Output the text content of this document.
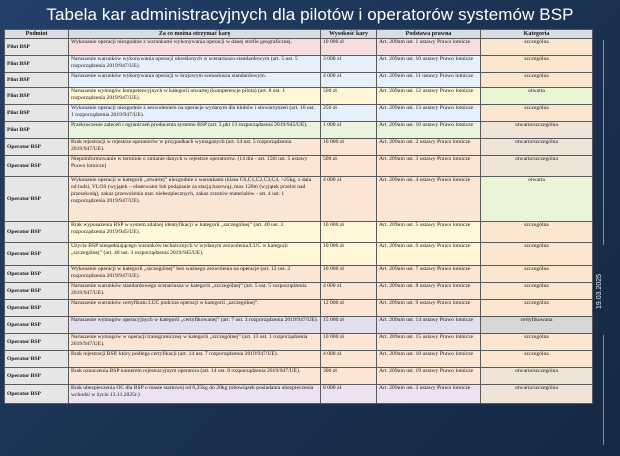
Tabela kar administracyjnych dla pilotów i operatorów systemów BSP
19.03.2025
Podmiot	Za co można otrzymać karę	Wysokość kary	Podstawa prawna	Kategoria
Pilot BSP	Wykonanie operacji niezgodnie z warunkami wykonywania operacji w danej strefie geograficznej.	10 000 zł	Art. 209um ust. 1 ustawy Prawo lotnicze	szczególna
Pilot BSP	Naruszenie warunków wykonywania operacji określonych w scenariuszu standardowym (art. 5 ust. 5 rozporządzenia 2019/947/UE).	3 000 zł	Art. 209um ust. 10 ustawy Prawo lotnicze	szczególna
Pilot BSP	Naruszenie warunków wykonywania operacji w krajowym scenariuszu standardowym.	4 000 zł	Art. 209um ust. 11 ustawy Prawo lotnicze	szczególna
Pilot BSP	Naruszenie wymogów kompetencyjnych w kategorii otwartej (kompetencje pilota) (art. 8 ust. 1 rozporządzenia 2019/947/UE).	500 zł	Art. 209um ust. 12 ustawy Prawo lotnicze	otwarta
Pilot BSP	Wykonanie operacji niezgodnie z zezwoleniem na operacje wydanym dla klubów i stowarzyszeń (art. 16 ust. 1 rozporządzenia 2019/947/UE).	250 zł	Art. 209um ust. 13 ustawy Prawo lotnicze	szczególna
Pilot BSP	Przekroczenie zaleceń i ograniczeń producenta systemu BSP (art. 3 pkt 13 rozporządzenia 2019/945/UE).	1 000 zł	Art. 209um ust. 16 ustawy Prawo lotnicze	otwarta/szczególna
Operator BSP	Brak rejestracji w rejestrze operatorów w przypadkach wymaganych (art. 14 ust. 5 rozporządzenia 2019/947/UE).	10 000 zł	Art. 209um ust. 2 ustawy Prawo lotnicze	otwarta/szczególna
Operator BSP	Niepoinformowanie w terminie o zmianie danych w rejestrze operatorów. (14 dni - art. 156l ust. 5 ustawy Prawo lotnicze)	500 zł	Art. 209um ust. 3 ustawy Prawo lotnicze	otwarta/szczególna
Operator BSP	Wykonanie operacji w kategorii „otwartej” niezgodnie z warunkami (klasa C0,C1,C2,C3,C4, >25kg, z dala od ludzi, VLOS (wyjątek – obserwator lub podążanie za stacją bazową), max 120m (wyjątek przelot nad przeszkodą), zakaz przewożenia mat. niebezpiecznych, zakaz zrzutów materiałów - art. 4 ust. 1 rozporządzenia 2019/947/UE).	4 000 zł	Art. 209um ust. 4 ustawy Prawo lotnicze	otwarta
Operator BSP	Brak wyposażenia BSP w system zdalnej identyfikacji w kategorii „szczególnej” (art. 40 ust. 3 rozporządzenia 2019/945/UE).	10 000 zł	Art. 209um ust. 5 ustawy Prawo lotnicze	szczególna
Operator BSP	Użycie BSP niespełniającego warunków technicznych w wydanym zezwoleniu/LUC w kategorii „szczególnej” (art. 40 ust. 3 rozporządzenia 2019/945/UE).	10 000 zł	Art. 209um ust. 6 ustawy Prawo lotnicze	szczególna
Operator BSP	Wykonanie operacji w kategorii „szczególnej” bez ważnego zezwolenia na operacje (art. 12 ust. 2 rozporządzenia 2019/947/UE).	10 000 zł	Art. 209um ust. 7 ustawy Prawo lotnicze	szczególna
Operator BSP	Naruszenie warunków standardowego scenariusza w kategorii „szczególnej” (art. 5 ust. 5 rozporządzenia 2019/947/UE).	4 000 zł	Art. 209um ust. 8 ustawy Prawo lotnicze	szczególna
Operator BSP	Naruszenie warunków certyfikatu LUC podczas operacji w kategorii „szczególnej”.	12 000 zł	Art. 209um ust. 9 ustawy Prawo lotnicze	szczególna
Operator BSP	Naruszenie wymogów operacyjnych w kategorii „certyfikowanej” (art. 7 ust. 3 rozporządzenia 2019/947/UE).	15 000 zł	Art. 209um ust. 14 ustawy Prawo lotnicze	certyfikowana
Operator BSP	Naruszenie wymogów w operacji transgranicznej w kategorii „szczególnej” (art. 13 ust. 1 rozporządzenia 2019/947/UE).	10 000 zł	Art. 209um ust. 15 ustawy Prawo lotnicze	szczególna
Operator BSP	Brak rejestracji BSP, który podlega certyfikacji (art. 14 ust. 7 rozporządzenia 2019/947/UE).	4 000 zł	Art. 209um ust. 18 ustawy Prawo lotnicze	szczególna
Operator BSP	Brak oznaczenia BSP numerem rejestracyjnym operatora (art. 14 ust. 8 rozporządzenia 2019/947/UE).	300 zł	Art. 209um ust. 19 ustawy Prawo lotnicze	otwarta/szczególna
Operator BSP	Brak ubezpieczenia OC dla BSP o masie startowej od 0,25kg do 20kg (obowiązek posiadania ubezpieczenia wchodzi w życie 13.11.2025r.)	8 000 zł	Art. 209um ust. 3 ustawy Prawo lotnicze	otwarta/szczególna
